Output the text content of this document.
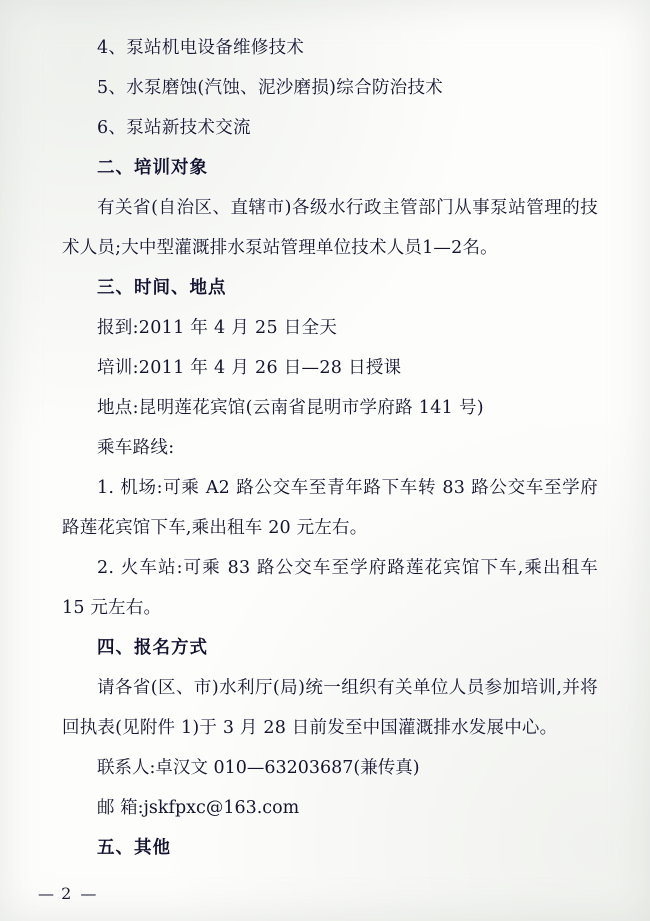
4、泵站机电设备维修技术
5、水泵磨蚀(汽蚀、泥沙磨损)综合防治技术
6、泵站新技术交流
二、培训对象
有关省(自治区、直辖市)各级水行政主管部门从事泵站管理的技术人员;大中型灌溉排水泵站管理单位技术人员1—2名。
三、时间、地点
报到:2011 年 4 月 25 日全天
培训:2011 年 4 月 26 日—28 日授课
地点:昆明莲花宾馆(云南省昆明市学府路 141 号)
乘车路线:
1. 机场:可乘 A2 路公交车至青年路下车转 83 路公交车至学府路莲花宾馆下车,乘出租车 20 元左右。
2. 火车站:可乘 83 路公交车至学府路莲花宾馆下车,乘出租车 15 元左右。
四、报名方式
请各省(区、市)水利厅(局)统一组织有关单位人员参加培训,并将回执表(见附件 1)于 3 月 28 日前发至中国灌溉排水发展中心。
联系人:卓汉文 010—63203687(兼传真)
邮 箱:jskfpxc@163.com
五、其他
— 2 —
